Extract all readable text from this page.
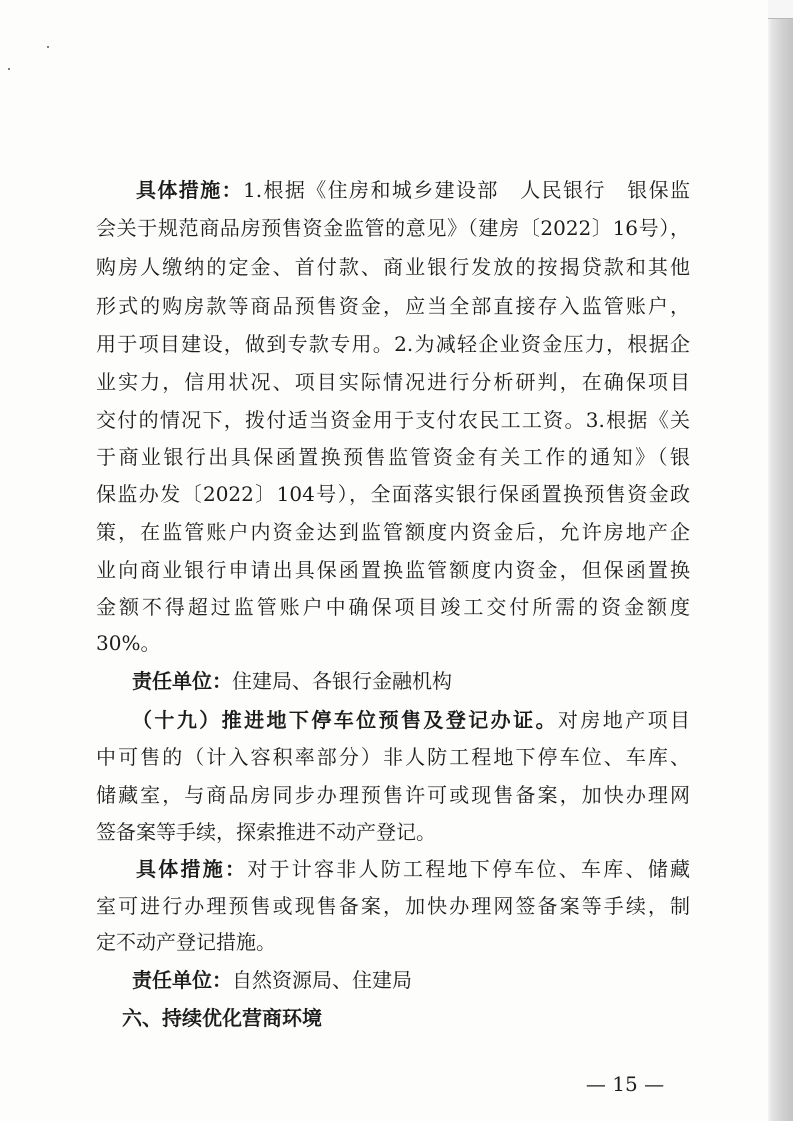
具体措施：1.根据《住房和城乡建设部　人民银行　银保监
会关于规范商品房预售资金监管的意见》（建房〔2022〕16号），
购房人缴纳的定金、首付款、商业银行发放的按揭贷款和其他
形式的购房款等商品预售资金，应当全部直接存入监管账户，
用于项目建设，做到专款专用。2.为减轻企业资金压力，根据企
业实力，信用状况、项目实际情况进行分析研判，在确保项目
交付的情况下，拨付适当资金用于支付农民工工资。3.根据《关
于商业银行出具保函置换预售监管资金有关工作的通知》（银
保监办发〔2022〕104号），全面落实银行保函置换预售资金政
策，在监管账户内资金达到监管额度内资金后，允许房地产企
业向商业银行申请出具保函置换监管额度内资金，但保函置换
金额不得超过监管账户中确保项目竣工交付所需的资金额度
30%。
责任单位：住建局、各银行金融机构
（十九）推进地下停车位预售及登记办证。对房地产项目
中可售的（计入容积率部分）非人防工程地下停车位、车库、
储藏室，与商品房同步办理预售许可或现售备案，加快办理网
签备案等手续，探索推进不动产登记。
具体措施：对于计容非人防工程地下停车位、车库、储藏
室可进行办理预售或现售备案，加快办理网签备案等手续，制
定不动产登记措施。
责任单位：自然资源局、住建局
六、持续优化营商环境
— 15 —
